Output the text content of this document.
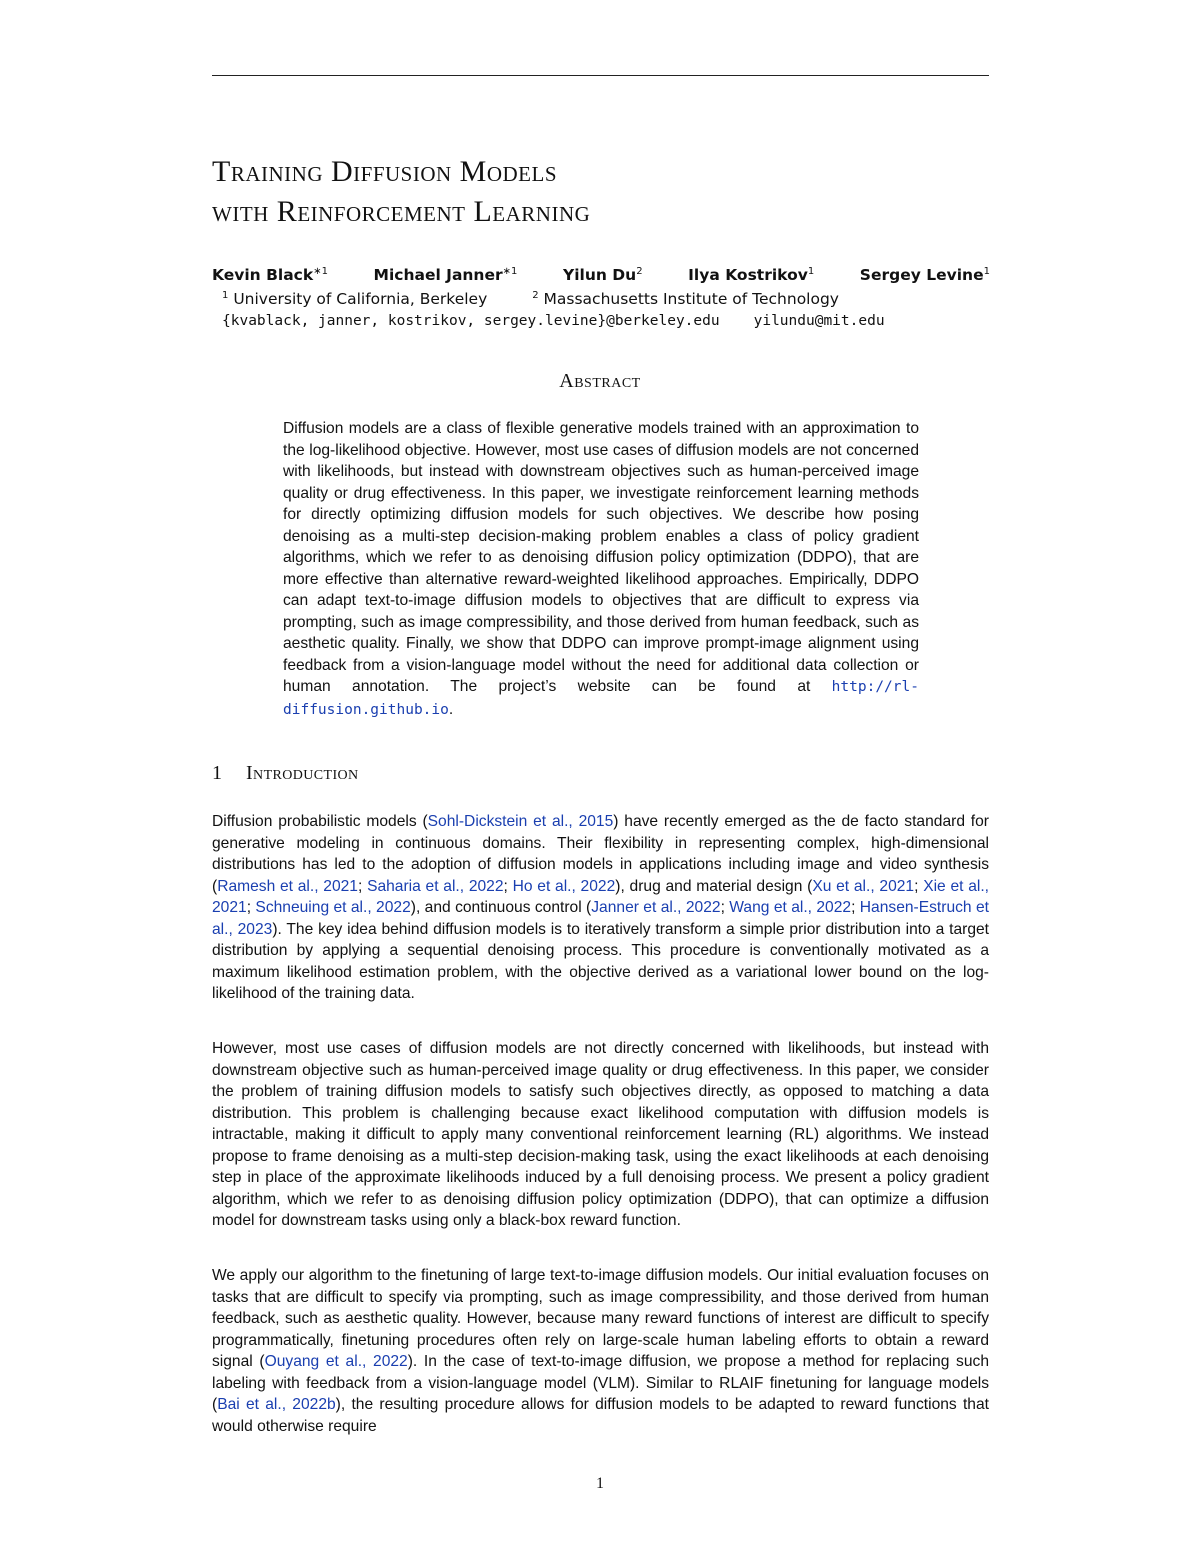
Training Diffusion Models
with Reinforcement Learning
Kevin Black$^{∗1}$	Michael Janner$^{∗1}$	Yilun Du$^2$	Ilya Kostrikov$^1$	Sergey Levine$^1$
$^1$ University of California, Berkeley	$^2$ Massachusetts Institute of Technology
{kvablack, janner, kostrikov, sergey.levine}@berkeley.edu yilundu@mit.edu
Abstract
Diffusion models are a class of flexible generative models trained with an approximation to the log-likelihood objective. However, most use cases of diffusion models are not concerned with likelihoods, but instead with downstream objectives such as human-perceived image quality or drug effectiveness. In this paper, we investigate reinforcement learning methods for directly optimizing diffusion models for such objectives. We describe how posing denoising as a multi-step decision-making problem enables a class of policy gradient algorithms, which we refer to as denoising diffusion policy optimization (DDPO), that are more effective than alternative reward-weighted likelihood approaches. Empirically, DDPO can adapt text-to-image diffusion models to objectives that are difficult to express via prompting, such as image compressibility, and those derived from human feedback, such as aesthetic quality. Finally, we show that DDPO can improve prompt-image alignment using feedback from a vision-language model without the need for additional data collection or human annotation. The project’s website can be found at http://rl-diffusion.github.io.
1 Introduction

Diffusion probabilistic models (Sohl-Dickstein et al., 2015) have recently emerged as the de facto standard for generative modeling in continuous domains. Their flexibility in representing complex, high-dimensional distributions has led to the adoption of diffusion models in applications including image and video synthesis (Ramesh et al., 2021; Saharia et al., 2022; Ho et al., 2022), drug and material design (Xu et al., 2021; Xie et al., 2021; Schneuing et al., 2022), and continuous control (Janner et al., 2022; Wang et al., 2022; Hansen-Estruch et al., 2023). The key idea behind diffusion models is to iteratively transform a simple prior distribution into a target distribution by applying a sequential denoising process. This procedure is conventionally motivated as a maximum likelihood estimation problem, with the objective derived as a variational lower bound on the log-likelihood of the training data.

However, most use cases of diffusion models are not directly concerned with likelihoods, but instead with downstream objective such as human-perceived image quality or drug effectiveness. In this paper, we consider the problem of training diffusion models to satisfy such objectives directly, as opposed to matching a data distribution. This problem is challenging because exact likelihood computation with diffusion models is intractable, making it difficult to apply many conventional reinforcement learning (RL) algorithms. We instead propose to frame denoising as a multi-step decision-making task, using the exact likelihoods at each denoising step in place of the approximate likelihoods induced by a full denoising process. We present a policy gradient algorithm, which we refer to as denoising diffusion policy optimization (DDPO), that can optimize a diffusion model for downstream tasks using only a black-box reward function.

We apply our algorithm to the finetuning of large text-to-image diffusion models. Our initial evaluation focuses on tasks that are difficult to specify via prompting, such as image compressibility, and those derived from human feedback, such as aesthetic quality. However, because many reward functions of interest are difficult to specify programmatically, finetuning procedures often rely on large-scale human labeling efforts to obtain a reward signal (Ouyang et al., 2022). In the case of text-to-image diffusion, we propose a method for replacing such labeling with feedback from a vision-language model (VLM). Similar to RLAIF finetuning for language models (Bai et al., 2022b), the resulting procedure allows for diffusion models to be adapted to reward functions that would otherwise require

1
